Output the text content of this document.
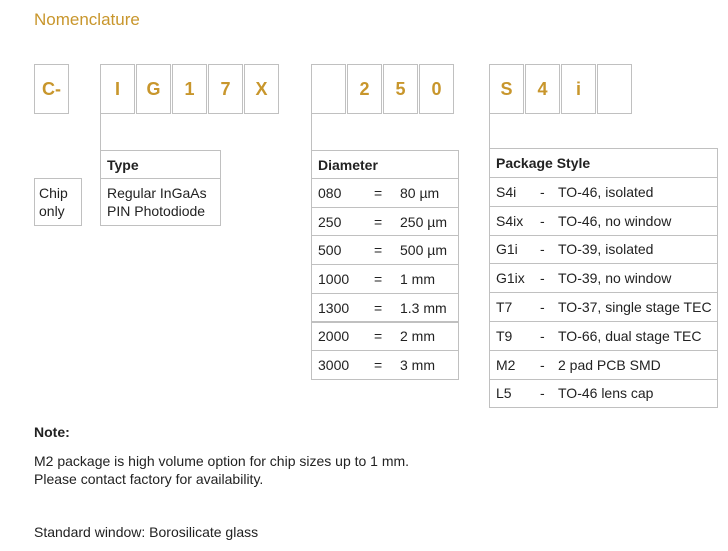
Nomenclature
C-	I	G	1	7	X	2	5	0	S	4	i
Chip
only
Type
Regular InGaAs
PIN Photodiode
Diameter
080 = 80 µm
250 = 250 µm
500 = 500 µm
1000 = 1 mm
1300 = 1.3 mm
2000 = 2 mm
3000 = 3 mm
Package Style
S4i - TO-46, isolated
S4ix - TO-46, no window
G1i - TO-39, isolated
G1ix - TO-39, no window
T7 - TO-37, single stage TEC
T9 - TO-66, dual stage TEC
M2 - 2 pad PCB SMD
L5 - TO-46 lens cap
Note:
M2 package is high volume option for chip sizes up to 1 mm.
Please contact factory for availability.
Standard window: Borosilicate glass
